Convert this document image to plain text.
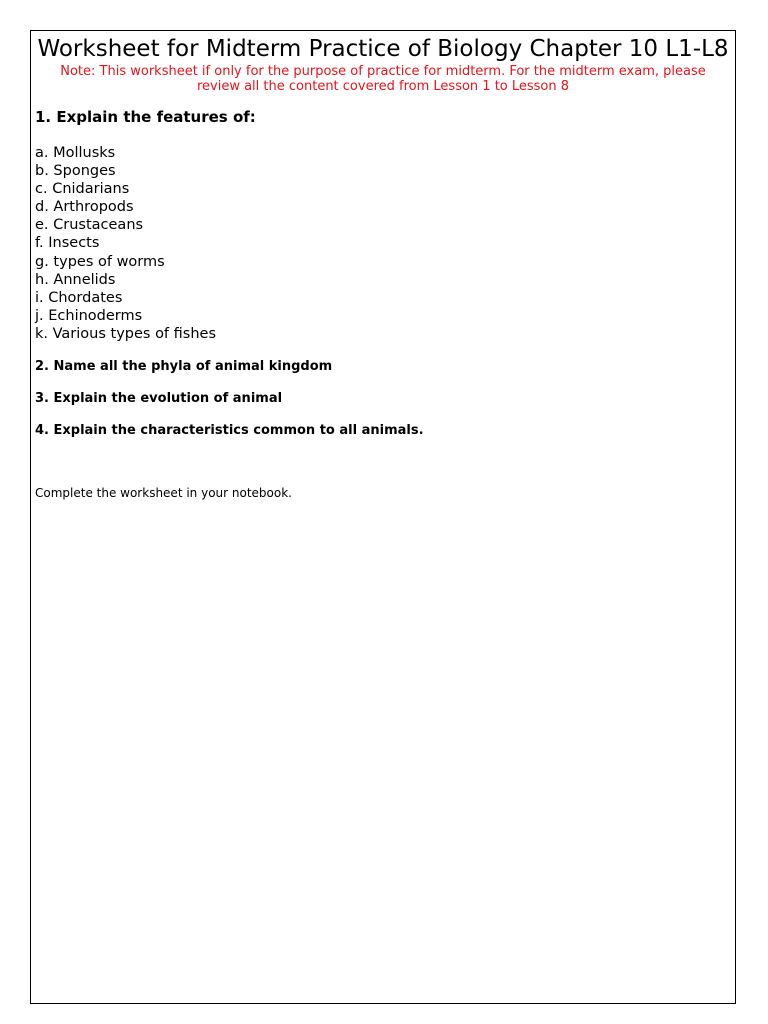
Worksheet for Midterm Practice of Biology Chapter 10 L1-L8

Note: This worksheet if only for the purpose of practice for midterm. For the midterm exam, please review all the content covered from Lesson 1 to Lesson 8

1. Explain the features of:
a. Mollusks
b. Sponges
c. Cnidarians
d. Arthropods
e. Crustaceans
f. Insects
g. types of worms
h. Annelids
i. Chordates
j. Echinoderms
k. Various types of fishes
2. Name all the phyla of animal kingdom
3. Explain the evolution of animal
4. Explain the characteristics common to all animals.
Complete the worksheet in your notebook.
